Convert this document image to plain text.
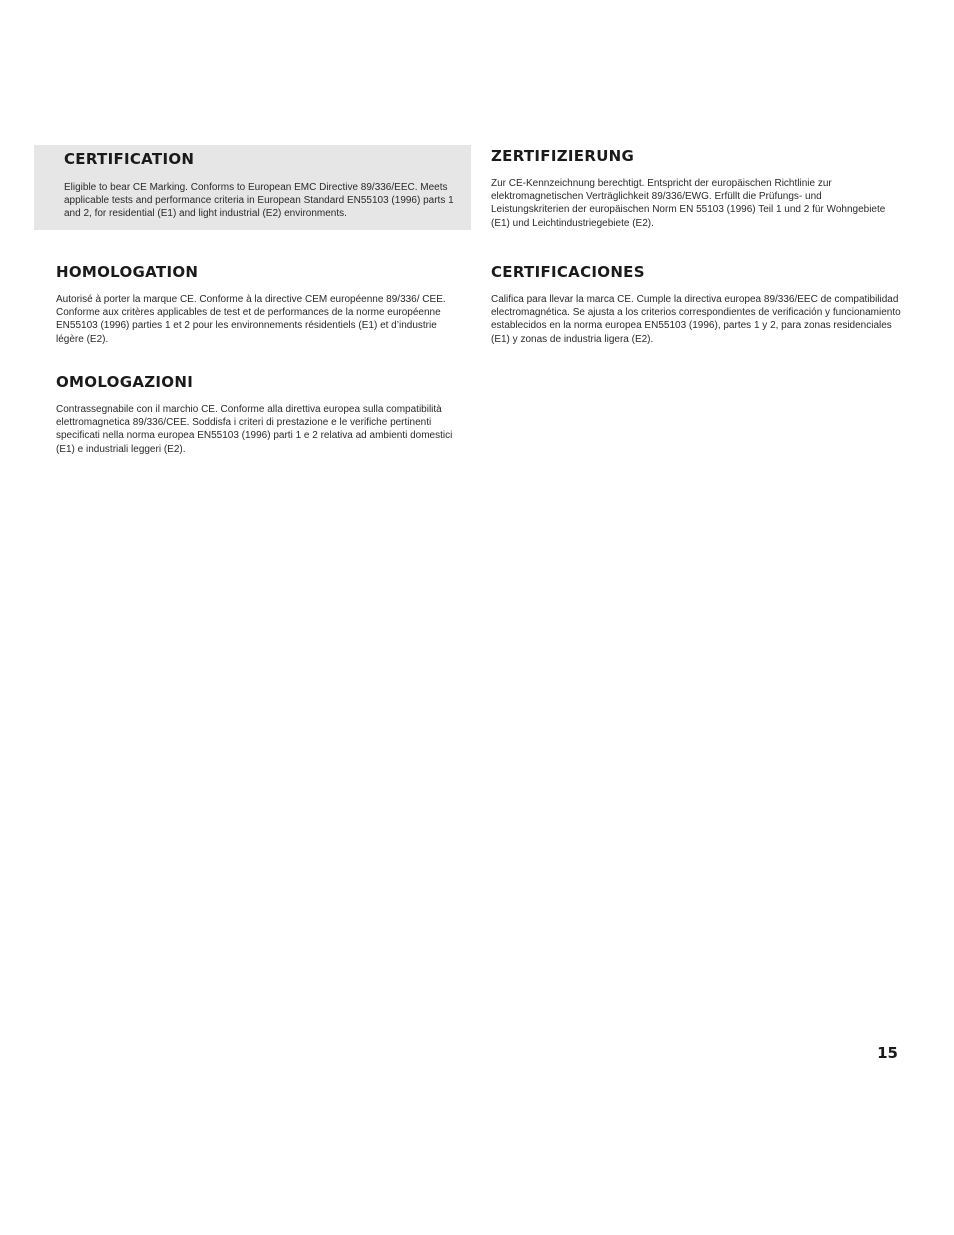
CERTIFICATION

Eligible to bear CE Marking. Conforms to European EMC Directive 89/336/EEC. Meets applicable tests and performance criteria in European Standard EN55103 (1996) parts 1 and 2, for residential (E1) and light industrial (E2) environments.

ZERTIFIZIERUNG

Zur CE-Kennzeichnung berechtigt. Entspricht der europäischen Richtlinie zur elektromagnetischen Verträglichkeit 89/336/EWG. Erfüllt die Prüfungs- und Leistungskriterien der europäischen Norm EN 55103 (1996) Teil 1 und 2 für Wohngebiete (E1) und Leichtindustriegebiete (E2).

HOMOLOGATION

Autorisé à porter la marque CE. Conforme à la directive CEM européenne 89/336/ CEE. Conforme aux critères applicables de test et de performances de la norme européenne EN55103 (1996) parties 1 et 2 pour les environnements résidentiels (E1) et d’industrie légère (E2).

CERTIFICACIONES

Califica para llevar la marca CE. Cumple la directiva europea 89/336/EEC de compatibilidad electromagnética. Se ajusta a los criterios correspondientes de verificación y funcionamiento establecidos en la norma europea EN55103 (1996), partes 1 y 2, para zonas residenciales (E1) y zonas de industria ligera (E2).

OMOLOGAZIONI

Contrassegnabile con il marchio CE. Conforme alla direttiva europea sulla compatibilità elettromagnetica 89/336/CEE. Soddisfa i criteri di prestazione e le verifiche pertinenti specificati nella norma europea EN55103 (1996) parti 1 e 2 relativa ad ambienti domestici (E1) e industriali leggeri (E2).

15
